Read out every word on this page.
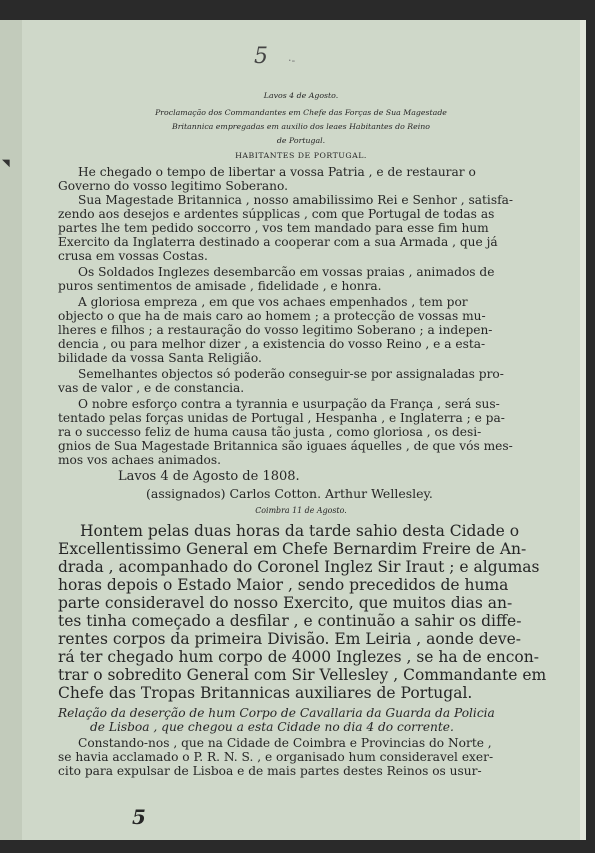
◥
5 ·-
Lavos 4 de Agosto.
Proclamação dos Commandantes em Chefe das Forças de Sua Magestade
Britannica empregadas em auxilio dos leaes Habitantes do Reino
de Portugal.
HABITANTES DE PORTUGAL.
He chegado o tempo de libertar a vossa Patria , e de restaurar o
Governo do vosso legitimo Soberano.
Sua Magestade Britannica , nosso amabilissimo Rei e Senhor , satisfa-
zendo aos desejos e ardentes súpplicas , com que Portugal de todas as
partes lhe tem pedido soccorro , vos tem mandado para esse fim hum
Exercito da Inglaterra destinado a cooperar com a sua Armada , que já
crusa em vossas Costas.
Os Soldados Inglezes desembarcão em vossas praias , animados de
puros sentimentos de amisade , fidelidade , e honra.
A gloriosa empreza , em que vos achaes empenhados , tem por
objecto o que ha de mais caro ao homem ; a protecção de vossas mu-
lheres e filhos ; a restauração do vosso legitimo Soberano ; a indepen-
dencia , ou para melhor dizer , a existencia do vosso Reino , e a esta-
bilidade da vossa Santa Religião.
Semelhantes objectos só poderão conseguir-se por assignaladas pro-
vas de valor , e de constancia.
O nobre esforço contra a tyrannia e usurpação da França , será sus-
tentado pelas forças unidas de Portugal , Hespanha , e Inglaterra ; e pa-
ra o successo feliz de huma causa tão justa , como gloriosa , os desi-
gnios de Sua Magestade Britannica são iguaes áquelles , de que vós mes-
mos vos achaes animados.
Lavos 4 de Agosto de 1808.
(assignados) Carlos Cotton. Arthur Wellesley.
Coimbra 11 de Agosto.
Hontem pelas duas horas da tarde sahio desta Cidade o
Excellentissimo General em Chefe Bernardim Freire de An-
drada , acompanhado do Coronel Inglez Sir Iraut ; e algumas
horas depois o Estado Maior , sendo precedidos de huma
parte consideravel do nosso Exercito, que muitos dias an-
tes tinha começado a desfilar , e continuão a sahir os diffe-
rentes corpos da primeira Divisão. Em Leiria , aonde deve-
rá ter chegado hum corpo de 4000 Inglezes , se ha de encon-
trar o sobredito General com Sir Vellesley , Commandante em
Chefe das Tropas Britannicas auxiliares de Portugal.
Relação da deserção de hum Corpo de Cavallaria da Guarda da Policia
de Lisboa , que chegou a esta Cidade no dia 4 do corrente.
Constando-nos , que na Cidade de Coimbra e Provincias do Norte ,
se havia acclamado o P. R. N. S. , e organisado hum consideravel exer-
cito para expulsar de Lisboa e de mais partes destes Reinos os usur-
5
